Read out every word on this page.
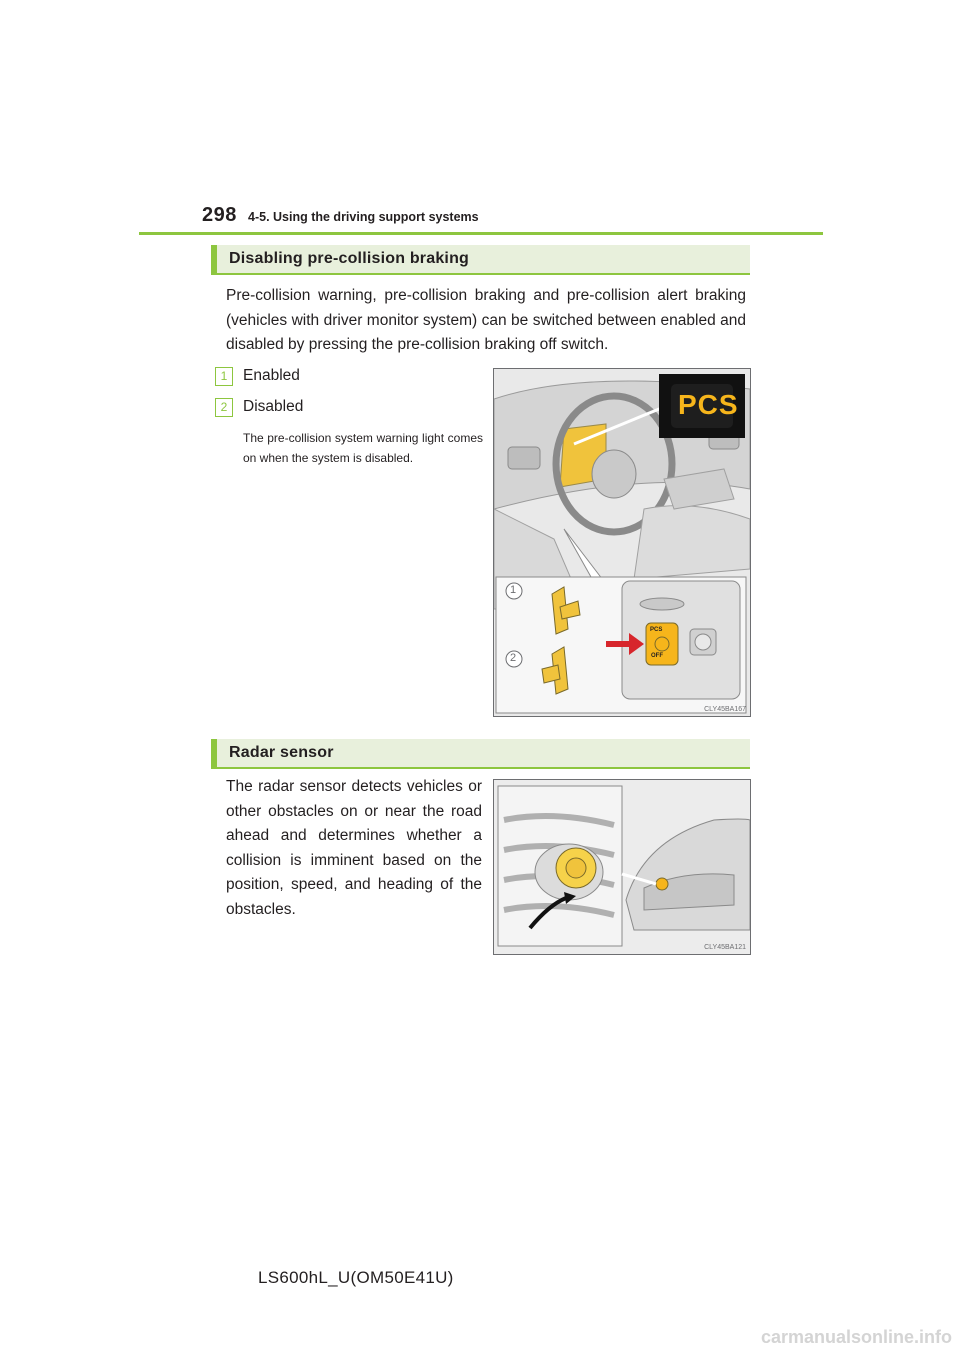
298 4-5. Using the driving support systems
Disabling pre-collision braking
Pre-collision warning, pre-collision braking and pre-collision alert braking (vehicles with driver monitor system) can be switched between enabled and disabled by pressing the pre-collision braking off switch.
1	Enabled
2	Disabled
The pre-collision system warning light comes on when the system is disabled.
PCS
PCS
OFF
1
2
CLY45BA167
Radar sensor
The radar sensor detects vehicles or other obstacles on or near the road ahead and determines whether a collision is imminent based on the position, speed, and heading of the obstacles.
CLY45BA121
LS600hL_U(OM50E41U)
carmanualsonline.info
